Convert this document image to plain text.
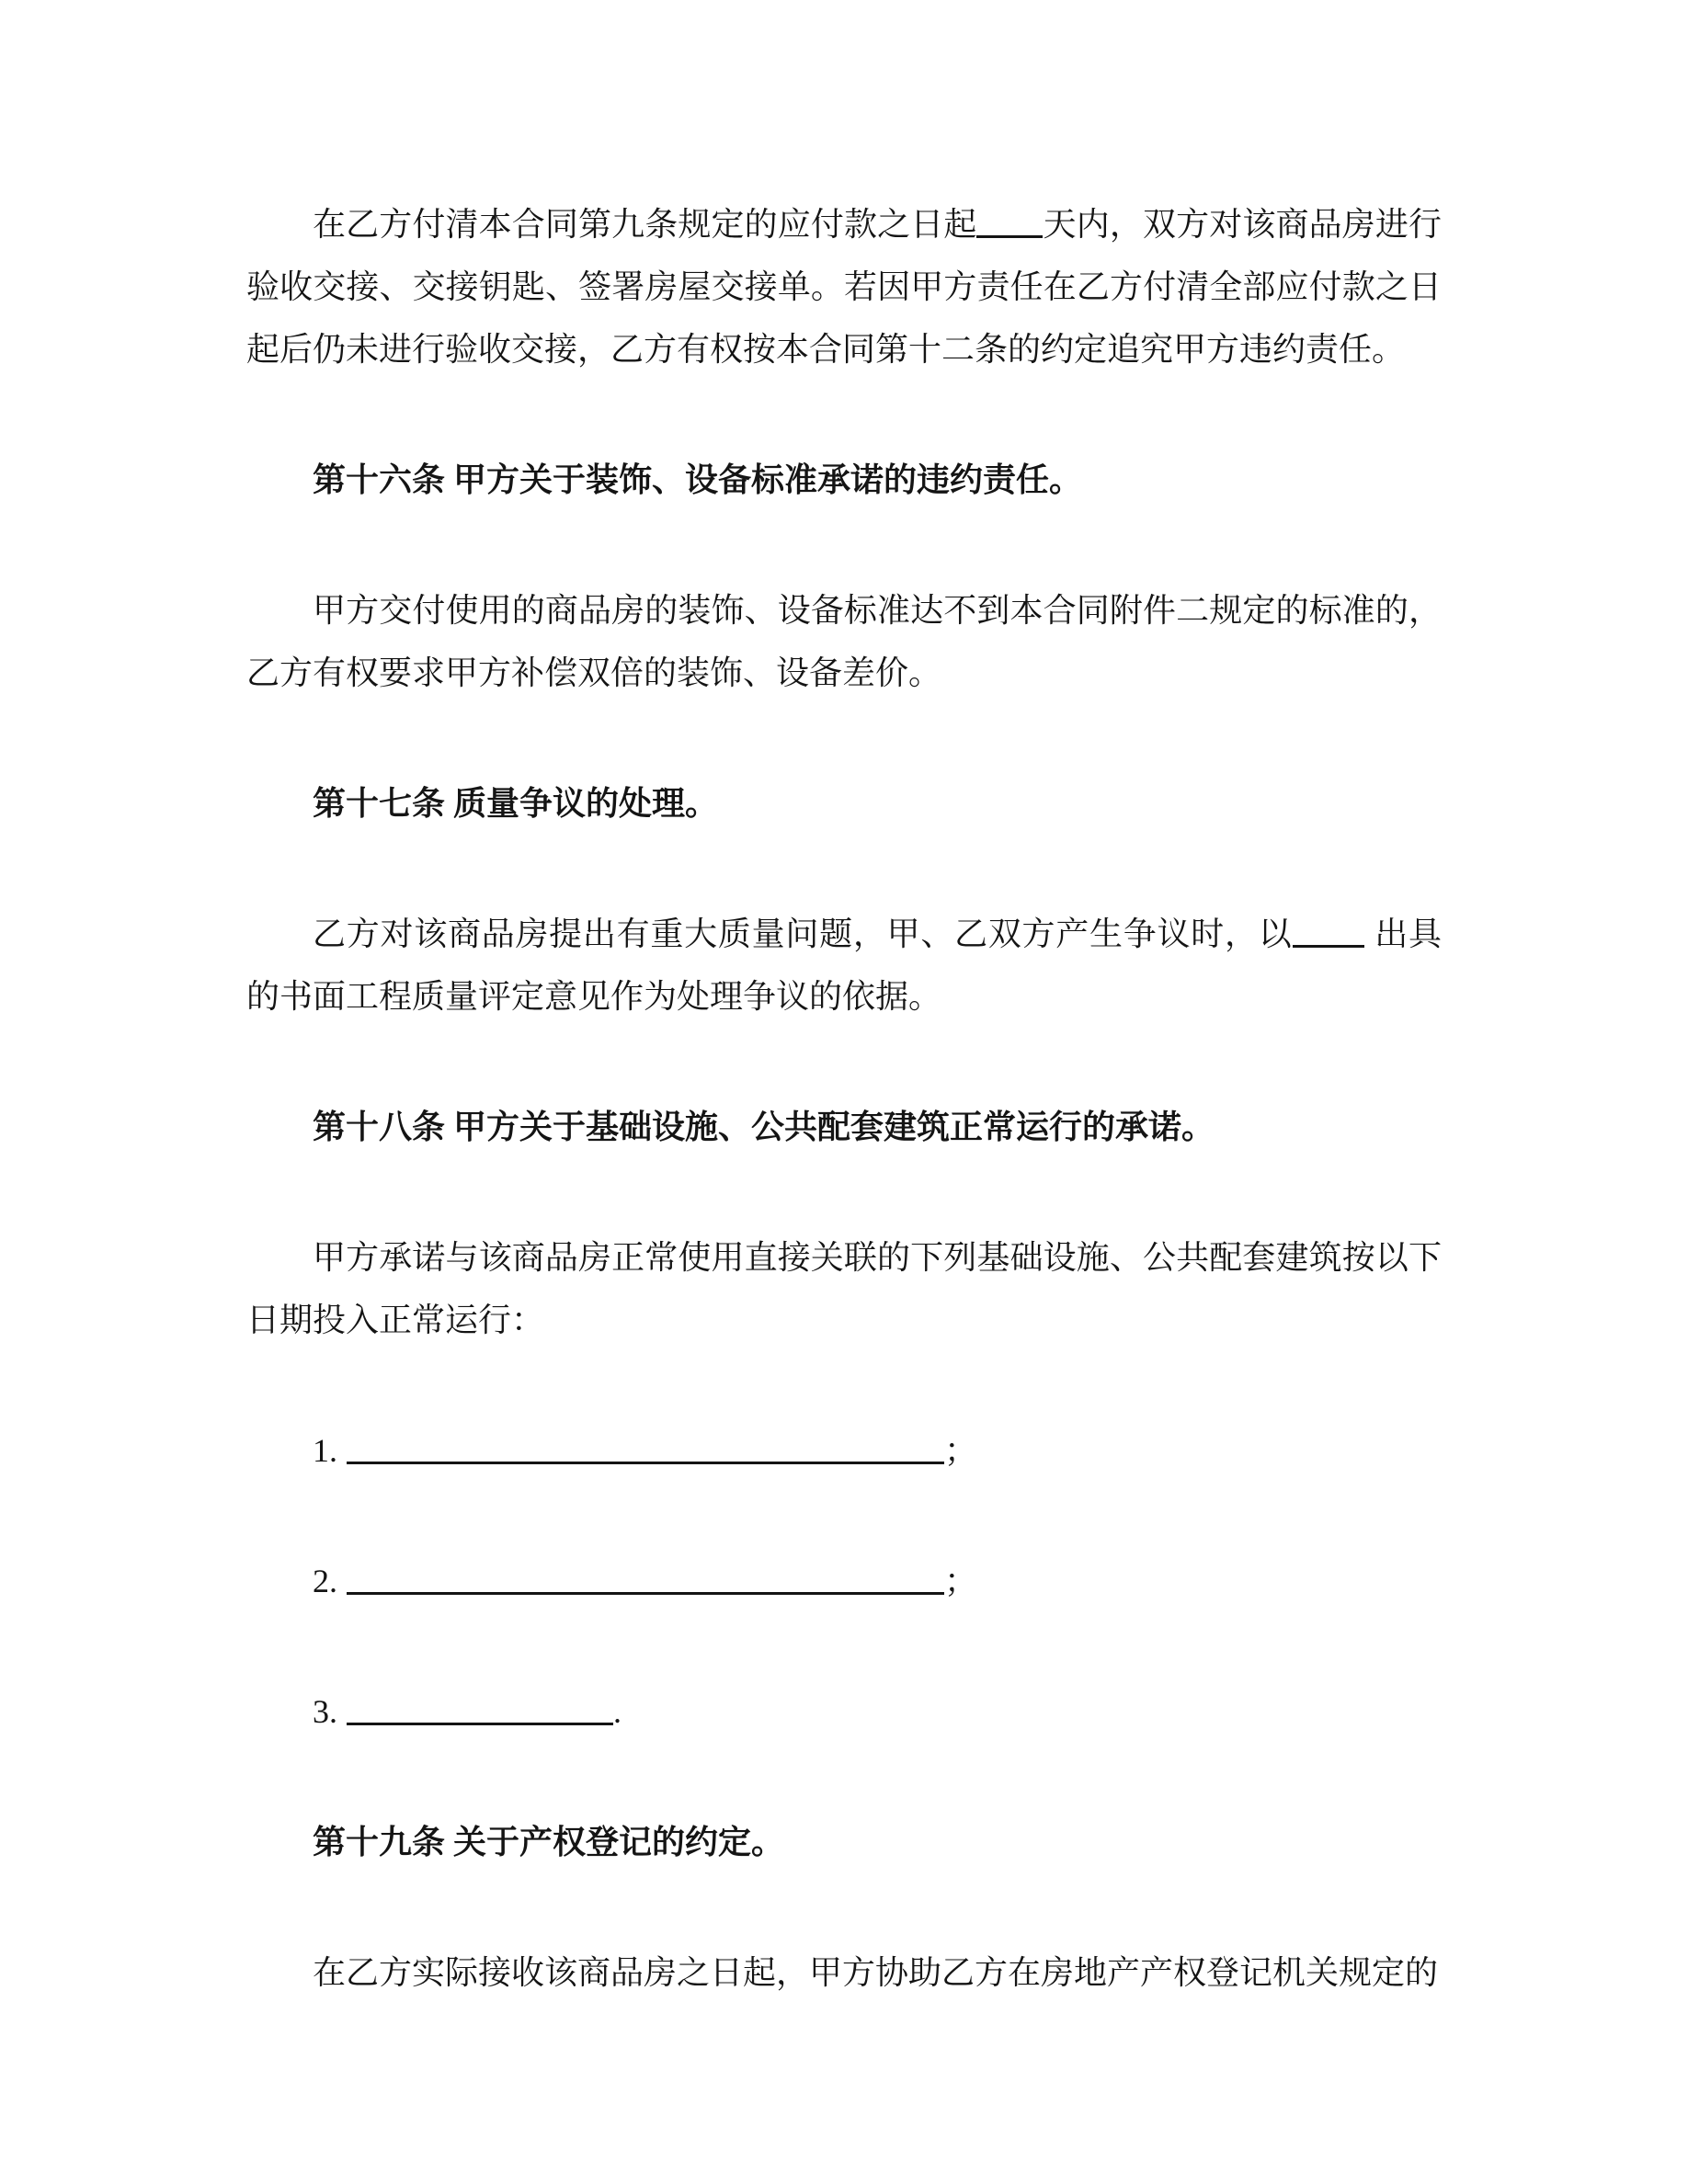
在乙方付清本合同第九条规定的应付款之日起 天内，双方对该商品房进行验收交接、交接钥匙、签署房屋交接单。若因甲方责任在乙方付清全部应付款之日起后仍未进行验收交接，乙方有权按本合同第十二条的约定追究甲方违约责任。

第十六条 甲方关于装饰、设备标准承诺的违约责任。

甲方交付使用的商品房的装饰、设备标准达不到本合同附件二规定的标准的，乙方有权要求甲方补偿双倍的装饰、设备差价。

第十七条 质量争议的处理。

乙方对该商品房提出有重大质量问题，甲、乙双方产生争议时，以 出具的书面工程质量评定意见作为处理争议的依据。

第十八条 甲方关于基础设施、公共配套建筑正常运行的承诺。

甲方承诺与该商品房正常使用直接关联的下列基础设施、公共配套建筑按以下日期投入正常运行：

1.	；

2.	；

3.	.

第十九条 关于产权登记的约定。

在乙方实际接收该商品房之日起，甲方协助乙方在房地产产权登记机关规定的
